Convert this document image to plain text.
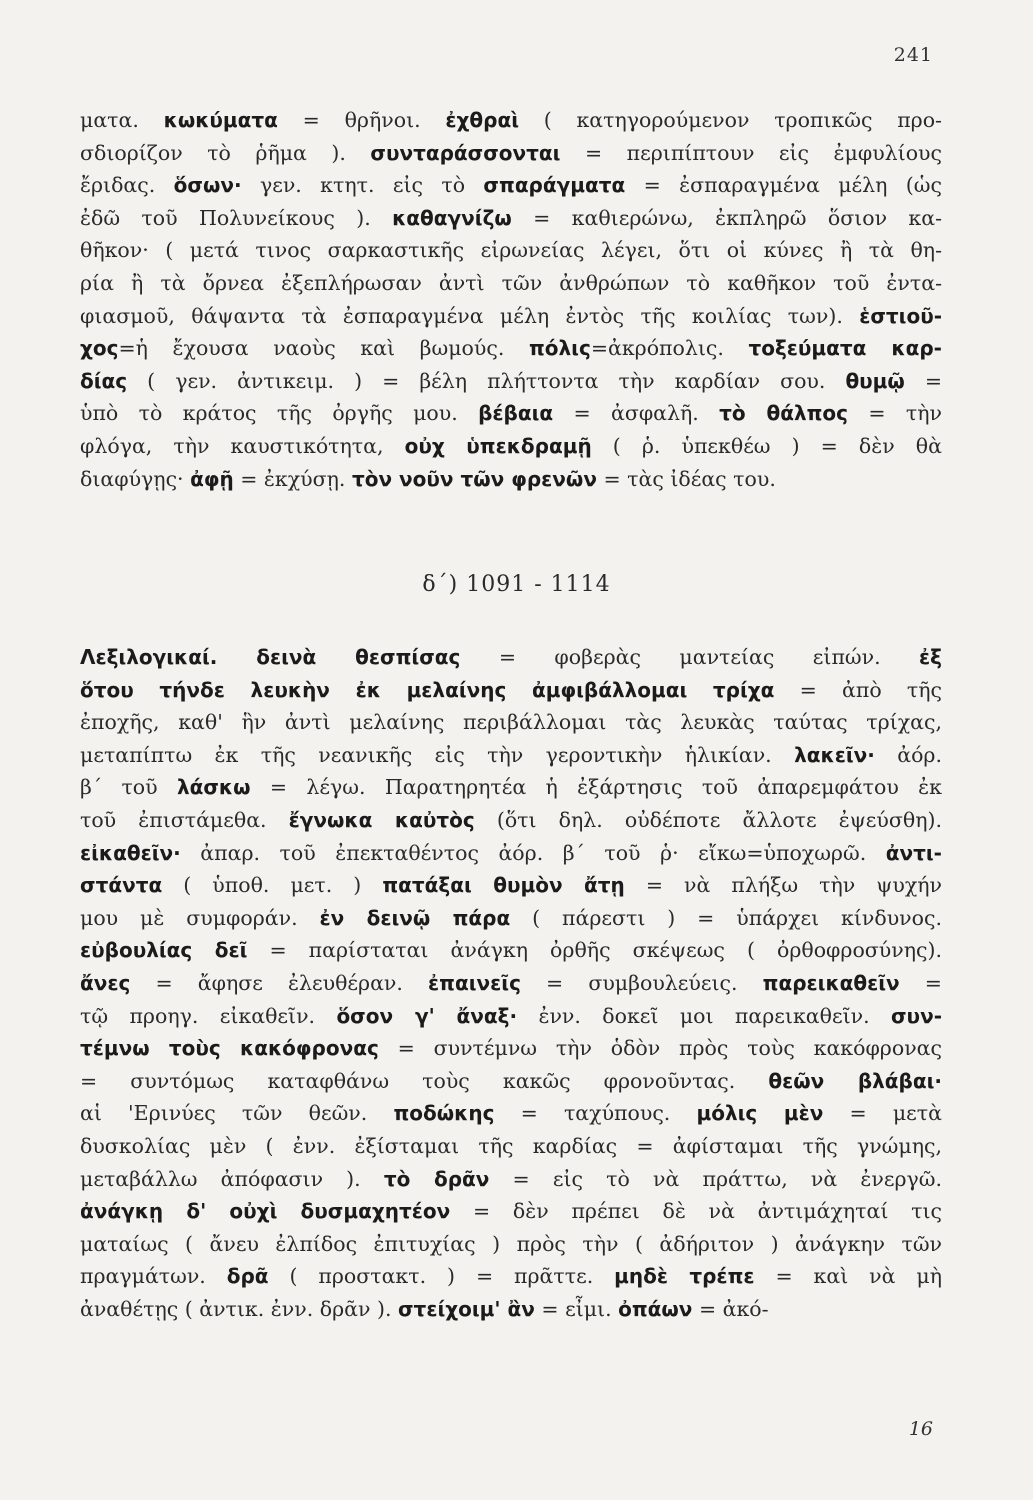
241
ματα. κωκύματα = θρῆνοι. ἐχθραὶ ( κατηγορούμενον τροπικῶς προ-
σδιορίζον τὸ ῥῆμα ). συνταράσσονται = περιπίπτουν εἰς ἐμφυλίους
ἔριδας. ὅσων· γεν. κτητ. εἰς τὸ σπαράγματα = ἐσπαραγμένα μέλη (ὡς
ἐδῶ τοῦ Πολυνείκους ). καθαγνίζω = καθιερώνω, ἐκπληρῶ ὅσιον κα-
θῆκον· ( μετά τινος σαρκαστικῆς εἰρωνείας λέγει, ὅτι οἱ κύνες ἢ τὰ θη-
ρία ἢ τὰ ὄρνεα ἐξεπλήρωσαν ἀντὶ τῶν ἀνθρώπων τὸ καθῆκον τοῦ ἐντα-
φιασμοῦ, θάψαντα τὰ ἐσπαραγμένα μέλη ἐντὸς τῆς κοιλίας των). ἑστιοῦ-
χος=ἡ ἔχουσα ναοὺς καὶ βωμούς. πόλις=ἀκρόπολις. τοξεύματα καρ-
δίας ( γεν. ἀντικειμ. ) = βέλη πλήττοντα τὴν καρδίαν σου. θυμῷ =
ὑπὸ τὸ κράτος τῆς ὀργῆς μου. βέβαια = ἀσφαλῆ. τὸ θάλπος = τὴν
φλόγα, τὴν καυστικότητα, οὐχ ὑπεκδραμῇ ( ῥ. ὑπεκθέω ) = δὲν θὰ
διαφύγῃς· ἀφῇ = ἐκχύσῃ. τὸν νοῦν τῶν φρενῶν = τὰς ἰδέας του.
δ΄) 1091 - 1114
Λεξιλογικαί. δεινὰ θεσπίσας = φοβερὰς μαντείας εἰπών. ἐξ
ὅτου τήνδε λευκὴν ἐκ μελαίνης ἀμφιβάλλομαι τρίχα = ἀπὸ τῆς
ἐποχῆς, καθ' ἣν ἀντὶ μελαίνης περιβάλλομαι τὰς λευκὰς ταύτας τρίχας,
μεταπίπτω ἐκ τῆς νεανικῆς εἰς τὴν γεροντικὴν ἡλικίαν. λακεῖν· ἀόρ.
β΄ τοῦ λάσκω = λέγω. Παρατηρητέα ἡ ἐξάρτησις τοῦ ἀπαρεμφάτου ἐκ
τοῦ ἐπιστάμεθα. ἔγνωκα καὐτὸς (ὅτι δηλ. οὐδέποτε ἄλλοτε ἐψεύσθη).
εἰκαθεῖν· ἀπαρ. τοῦ ἐπεκταθέντος ἀόρ. β΄ τοῦ ῥ· εἴκω=ὑποχωρῶ. ἀντι-
στάντα ( ὑποθ. μετ. ) πατάξαι θυμὸν ἄτῃ = νὰ πλήξω τὴν ψυχήν
μου μὲ συμφοράν. ἐν δεινῷ πάρα ( πάρεστι ) = ὑπάρχει κίνδυνος.
εὐβουλίας δεῖ = παρίσταται ἀνάγκη ὀρθῆς σκέψεως ( ὀρθοφροσύνης).
ἄνες = ἄφησε ἐλευθέραν. ἐπαινεῖς = συμβουλεύεις. παρεικαθεῖν =
τῷ προηγ. εἰκαθεῖν. ὅσον γ' ἄναξ· ἐνν. δοκεῖ μοι παρεικαθεῖν. συν-
τέμνω τοὺς κακόφρονας = συντέμνω τὴν ὁδὸν πρὸς τοὺς κακόφρονας
= συντόμως καταφθάνω τοὺς κακῶς φρονοῦντας. θεῶν βλάβαι·
αἱ 'Ερινύες τῶν θεῶν. ποδώκης = ταχύπους. μόλις μὲν = μετὰ
δυσκολίας μὲν ( ἐνν. ἐξίσταμαι τῆς καρδίας = ἀφίσταμαι τῆς γνώμης,
μεταβάλλω ἀπόφασιν ). τὸ δρᾶν = εἰς τὸ νὰ πράττω, νὰ ἐνεργῶ.
ἀνάγκῃ δ' οὐχὶ δυσμαχητέον = δὲν πρέπει δὲ νὰ ἀντιμάχηταί τις
ματαίως ( ἄνευ ἐλπίδος ἐπιτυχίας ) πρὸς τὴν ( ἀδήριτον ) ἀνάγκην τῶν
πραγμάτων. δρᾶ ( προστακτ. ) = πρᾶττε. μηδὲ τρέπε = καὶ νὰ μὴ
ἀναθέτῃς ( ἀντικ. ἐνν. δρᾶν ). στείχοιμ' ἂν = εἶμι. ὀπάων = ἀκό-
16
